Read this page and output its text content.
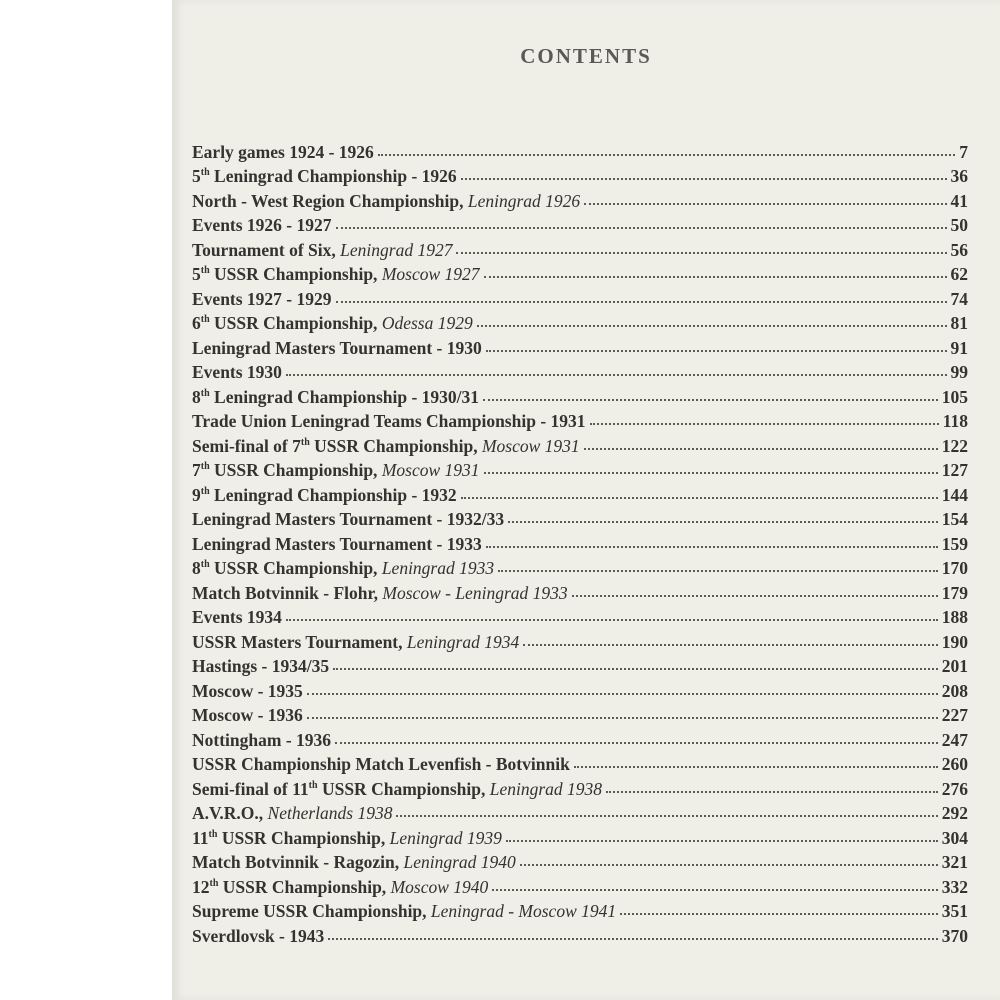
CONTENTS
Early games 1924 - 1926	7
5th Leningrad Championship - 1926	36
North - West Region Championship, Leningrad 1926	41
Events 1926 - 1927	50
Tournament of Six, Leningrad 1927	56
5th USSR Championship, Moscow 1927	62
Events 1927 - 1929	74
6th USSR Championship, Odessa 1929	81
Leningrad Masters Tournament - 1930	91
Events 1930	99
8th Leningrad Championship - 1930/31	105
Trade Union Leningrad Teams Championship - 1931	118
Semi-final of 7th USSR Championship, Moscow 1931	122
7th USSR Championship, Moscow 1931	127
9th Leningrad Championship - 1932	144
Leningrad Masters Tournament - 1932/33	154
Leningrad Masters Tournament - 1933	159
8th USSR Championship, Leningrad 1933	170
Match Botvinnik - Flohr, Moscow - Leningrad 1933	179
Events 1934	188
USSR Masters Tournament, Leningrad 1934	190
Hastings - 1934/35	201
Moscow - 1935	208
Moscow - 1936	227
Nottingham - 1936	247
USSR Championship Match Levenfish - Botvinnik	260
Semi-final of 11th USSR Championship, Leningrad 1938	276
A.V.R.O., Netherlands 1938	292
11th USSR Championship, Leningrad 1939	304
Match Botvinnik - Ragozin, Leningrad 1940	321
12th USSR Championship, Moscow 1940	332
Supreme USSR Championship, Leningrad - Moscow 1941	351
Sverdlovsk - 1943	370
